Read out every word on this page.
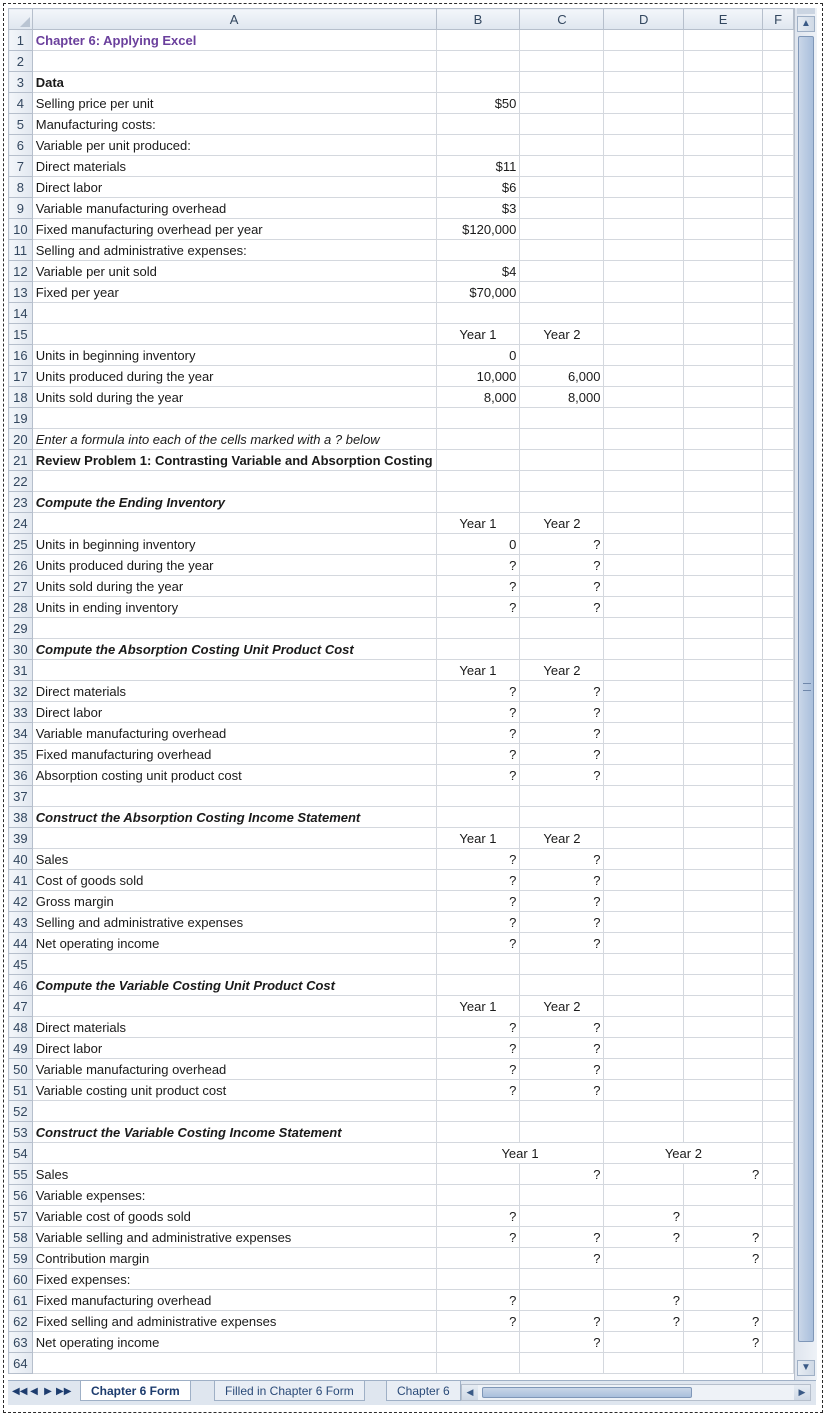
	A	B	C	D	E	F
1	Chapter 6: Applying Excel					
2						
3	Data					
4	Selling price per unit	$50				
5	Manufacturing costs:					
6	Variable per unit produced:					
7	Direct materials	$11				
8	Direct labor	$6				
9	Variable manufacturing overhead	$3				
10	Fixed manufacturing overhead per year	$120,000				
11	Selling and administrative expenses:					
12	Variable per unit sold	$4				
13	Fixed per year	$70,000				
14						
15		Year 1	Year 2			
16	Units in beginning inventory	0				
17	Units produced during the year	10,000	6,000			
18	Units sold during the year	8,000	8,000			
19						
20	Enter a formula into each of the cells marked with a ? below					
21	Review Problem 1: Contrasting Variable and Absorption Costing					
22						
23	Compute the Ending Inventory					
24		Year 1	Year 2			
25	Units in beginning inventory	0	?			
26	Units produced during the year	?	?			
27	Units sold during the year	?	?			
28	Units in ending inventory	?	?			
29						
30	Compute the Absorption Costing Unit Product Cost					
31		Year 1	Year 2			
32	Direct materials	?	?			
33	Direct labor	?	?			
34	Variable manufacturing overhead	?	?			
35	Fixed manufacturing overhead	?	?			
36	Absorption costing unit product cost	?	?			
37						
38	Construct the Absorption Costing Income Statement					
39		Year 1	Year 2			
40	Sales	?	?			
41	Cost of goods sold	?	?			
42	Gross margin	?	?			
43	Selling and administrative expenses	?	?			
44	Net operating income	?	?			
45						
46	Compute the Variable Costing Unit Product Cost					
47		Year 1	Year 2			
48	Direct materials	?	?			
49	Direct labor	?	?			
50	Variable manufacturing overhead	?	?			
51	Variable costing unit product cost	?	?			
52						
53	Construct the Variable Costing Income Statement					
54		Year 1		Year 2		
55	Sales		?		?	
56	Variable expenses:					
57	Variable cost of goods sold	?		?		
58	Variable selling and administrative expenses	?	?	?	?	
59	Contribution margin		?		?	
60	Fixed expenses:					
61	Fixed manufacturing overhead	?		?		
62	Fixed selling and administrative expenses	?	?	?	?	
63	Net operating income		?		?	
64						
▲
▼
◀◀ ◀ ▶ ▶▶	Chapter 6 Form	Filled in Chapter 6 Form	Chapter 6	◀	▶
